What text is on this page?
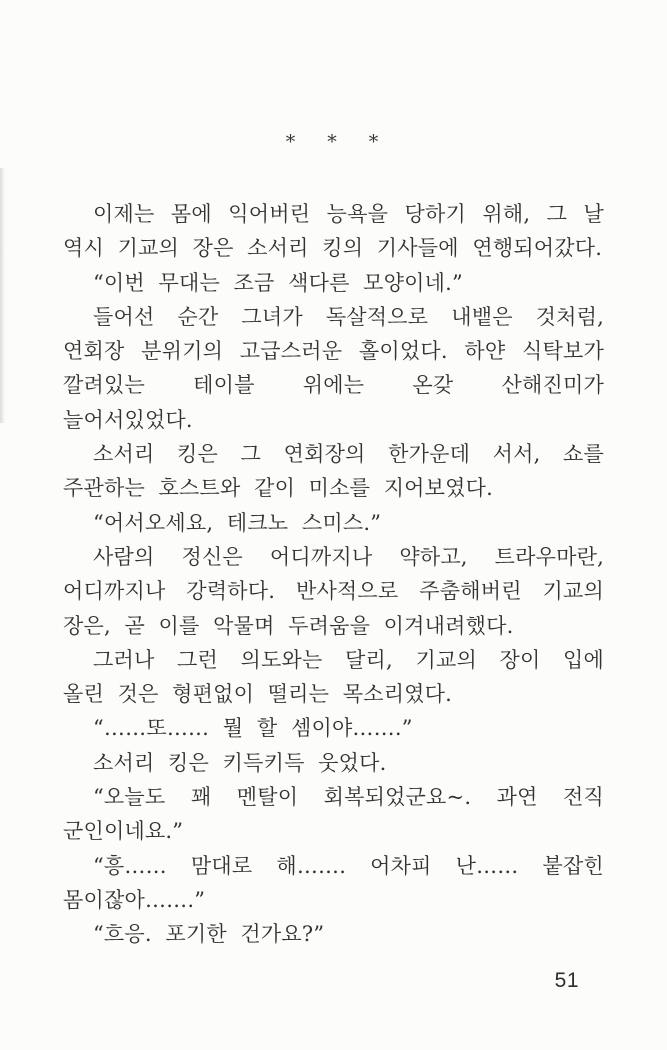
* * *

이제는 몸에 익어버린 능욕을 당하기 위해, 그 날 역시 기교의 장은 소서리 킹의 기사들에 연행되어갔다.

“이번 무대는 조금 색다른 모양이네.”

들어선 순간 그녀가 독살적으로 내뱉은 것처럼, 연회장 분위기의 고급스러운 홀이었다. 하얀 식탁보가 깔려있는 테이블 위에는 온갖 산해진미가 늘어서있었다.

소서리 킹은 그 연회장의 한가운데 서서, 쇼를 주관하는 호스트와 같이 미소를 지어보였다.

“어서오세요, 테크노 스미스.”

사람의 정신은 어디까지나 약하고, 트라우마란, 어디까지나 강력하다. 반사적으로 주춤해버린 기교의 장은, 곧 이를 악물며 두려움을 이겨내려했다.

그러나 그런 의도와는 달리, 기교의 장이 입에 올린 것은 형편없이 떨리는 목소리였다.

“……또…… 뭘 할 셈이야…….”

소서리 킹은 키득키득 웃었다.

“오늘도 꽤 멘탈이 회복되었군요~. 과연 전직 군인이네요.”

“흥…… 맘대로 해……. 어차피 난…… 붙잡힌 몸이잖아…….”

“흐응. 포기한 건가요?”

51
